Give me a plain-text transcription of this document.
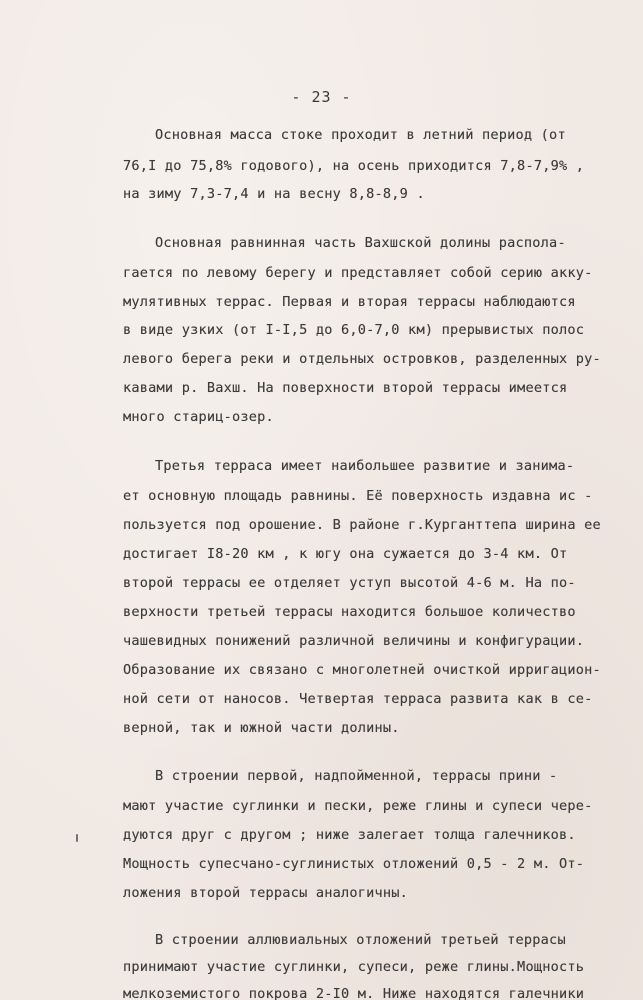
- 23 -
Основная масса стоке проходит в летний период (от
76,I до 75,8% годового), на осень приходится 7,8-7,9% ,
на зиму 7,3-7,4 и на весну 8,8-8,9 .
Основная равнинная часть Вахшской долины распола-
гается по левому берегу и представляет собой серию акку-
мулятивных террас. Первая и вторая террасы наблюдаются
в виде узких (от I-I,5 до 6,0-7,0 км) прерывистых полос
левого берега реки и отдельных островков, разделенных ру-
кавами р. Вахш. На поверхности второй террасы имеется
много стариц-озер.
Третья терраса имеет наибольшее развитие и занима-
ет основную площадь равнины. Её поверхность издавна ис -
пользуется под орошение. В районе г.Курганттепа ширина ее
достигает I8-20 км , к югу она сужается до 3-4 км. От
второй террасы ее отделяет уступ высотой 4-6 м. На по-
верхности третьей террасы находится большое количество
чашевидных понижений различной величины и конфигурации.
Образование их связано с многолетней очисткой ирригацион-
ной сети от наносов. Четвертая терраса развита как в се-
верной, так и южной части долины.
В строении первой, надпойменной, террасы прини -
мают участие суглинки и пески, реже глины и супеси чере-
дуются друг с другом ; ниже залегает толща галечников.
Мощность супесчано-суглинистых отложений 0,5 - 2 м. От-
ложения второй террасы аналогичны.
В строении аллювиальных отложений третьей террасы
принимают участие суглинки, супеси, реже глины.Мощность
мелкоземистого покрова 2-I0 м. Ниже находятся галечники
